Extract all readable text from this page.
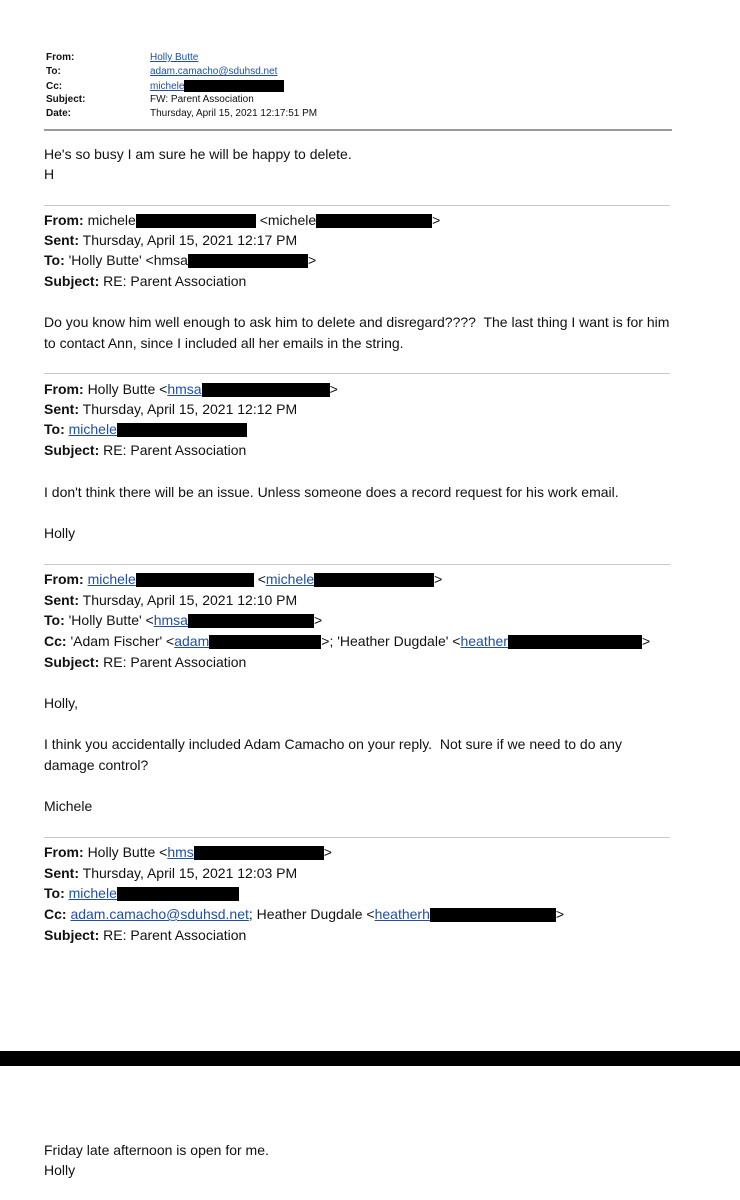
From:	Holly Butte
To:	adam.camacho@sduhsd.net
Cc:	michele
Subject:	FW: Parent Association
Date:	Thursday, April 15, 2021 12:17:51 PM
He's so busy I am sure he will be happy to delete.
H
From: michele	<michele	>
Sent: Thursday, April 15, 2021 12:17 PM
To: 'Holly Butte' <hmsa	>
Subject: RE: Parent Association
Do you know him well enough to ask him to delete and disregard????  The last thing I want is for him
to contact Ann, since I included all her emails in the string.
From: Holly Butte <hmsa	>
Sent: Thursday, April 15, 2021 12:12 PM
To: michele
Subject: RE: Parent Association
I don't think there will be an issue. Unless someone does a record request for his work email.
Holly
From: michele	<michele	>
Sent: Thursday, April 15, 2021 12:10 PM
To: 'Holly Butte' <hmsa	>
Cc: 'Adam Fischer' <adam	>; 'Heather Dugdale' <heather	>
Subject: RE: Parent Association
Holly,
I think you accidentally included Adam Camacho on your reply.  Not sure if we need to do any
damage control?
Michele
From: Holly Butte <hms	>
Sent: Thursday, April 15, 2021 12:03 PM
To: michele
Cc: adam.camacho@sduhsd.net; Heather Dugdale <heatherh	>
Subject: RE: Parent Association
Friday late afternoon is open for me.
Holly
